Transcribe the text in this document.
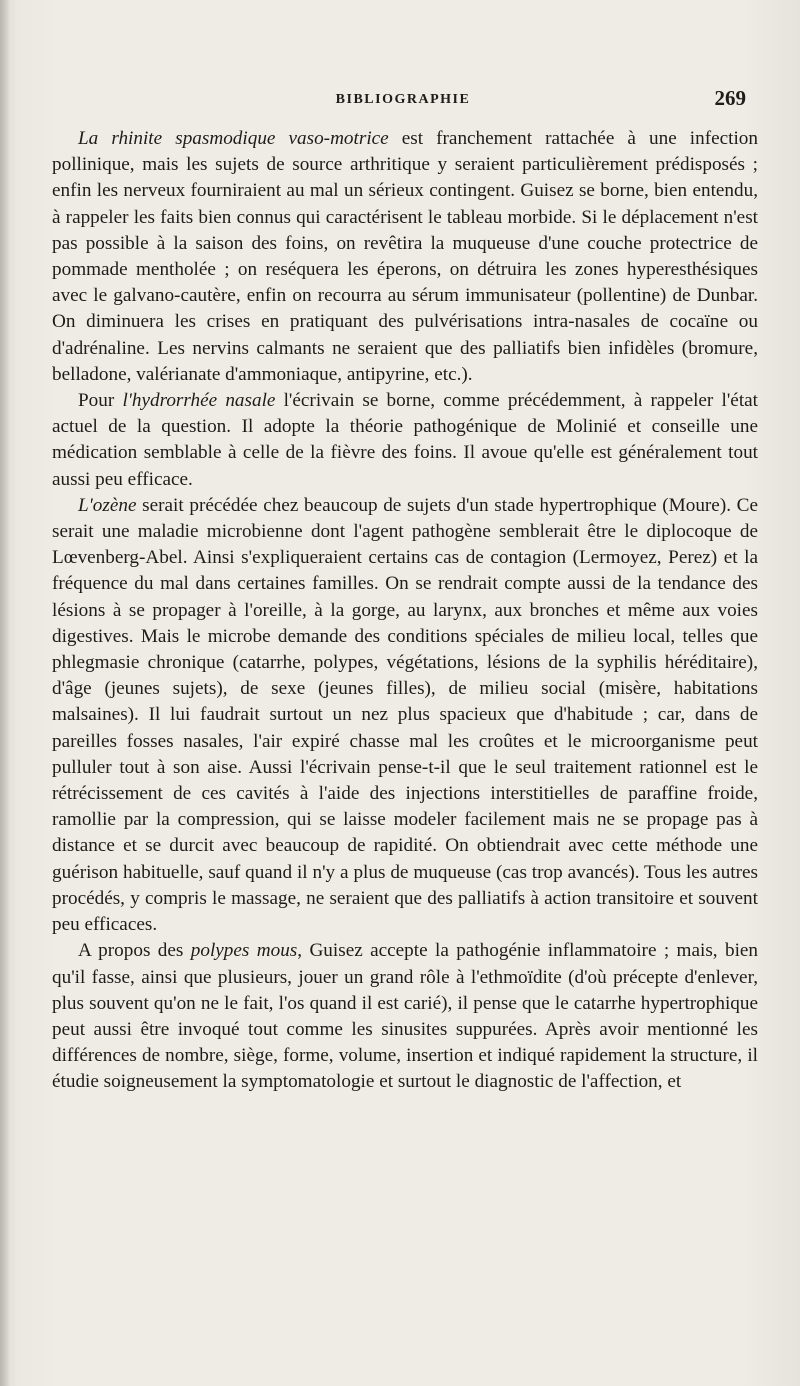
BIBLIOGRAPHIE	269

La rhinite spasmodique vaso-motrice est franchement rattachée à une infection pollinique, mais les sujets de source arthritique y seraient particulièrement prédisposés ; enfin les nerveux fourniraient au mal un sérieux contingent. Guisez se borne, bien entendu, à rappeler les faits bien connus qui caractérisent le tableau morbide. Si le déplacement n'est pas possible à la saison des foins, on revêtira la muqueuse d'une couche protectrice de pommade mentholée ; on reséquera les éperons, on détruira les zones hyperesthésiques avec le galvano-cautère, enfin on recourra au sérum immunisateur (pollentine) de Dunbar. On diminuera les crises en pratiquant des pulvérisations intra-nasales de cocaïne ou d'adrénaline. Les nervins calmants ne seraient que des palliatifs bien infidèles (bromure, belladone, valérianate d'ammoniaque, antipyrine, etc.).

Pour l'hydrorrhée nasale l'écrivain se borne, comme précédemment, à rappeler l'état actuel de la question. Il adopte la théorie pathogénique de Molinié et conseille une médication semblable à celle de la fièvre des foins. Il avoue qu'elle est généralement tout aussi peu efficace.

L'ozène serait précédée chez beaucoup de sujets d'un stade hypertrophique (Moure). Ce serait une maladie microbienne dont l'agent pathogène semblerait être le diplocoque de Lœvenberg-Abel. Ainsi s'expliqueraient certains cas de contagion (Lermoyez, Perez) et la fréquence du mal dans certaines familles. On se rendrait compte aussi de la tendance des lésions à se propager à l'oreille, à la gorge, au larynx, aux bronches et même aux voies digestives. Mais le microbe demande des conditions spéciales de milieu local, telles que phlegmasie chronique (catarrhe, polypes, végétations, lésions de la syphilis héréditaire), d'âge (jeunes sujets), de sexe (jeunes filles), de milieu social (misère, habitations malsaines). Il lui faudrait surtout un nez plus spacieux que d'habitude ; car, dans de pareilles fosses nasales, l'air expiré chasse mal les croûtes et le microorganisme peut pulluler tout à son aise. Aussi l'écrivain pense-t-il que le seul traitement rationnel est le rétrécissement de ces cavités à l'aide des injections interstitielles de paraffine froide, ramollie par la compression, qui se laisse modeler facilement mais ne se propage pas à distance et se durcit avec beaucoup de rapidité. On obtiendrait avec cette méthode une guérison habituelle, sauf quand il n'y a plus de muqueuse (cas trop avancés). Tous les autres procédés, y compris le massage, ne seraient que des palliatifs à action transitoire et souvent peu efficaces.

A propos des polypes mous, Guisez accepte la pathogénie inflammatoire ; mais, bien qu'il fasse, ainsi que plusieurs, jouer un grand rôle à l'ethmoïdite (d'où précepte d'enlever, plus souvent qu'on ne le fait, l'os quand il est carié), il pense que le catarrhe hypertrophique peut aussi être invoqué tout comme les sinusites suppurées. Après avoir mentionné les différences de nombre, siège, forme, volume, insertion et indiqué rapidement la structure, il étudie soigneusement la symptomatologie et surtout le diagnostic de l'affection, et
